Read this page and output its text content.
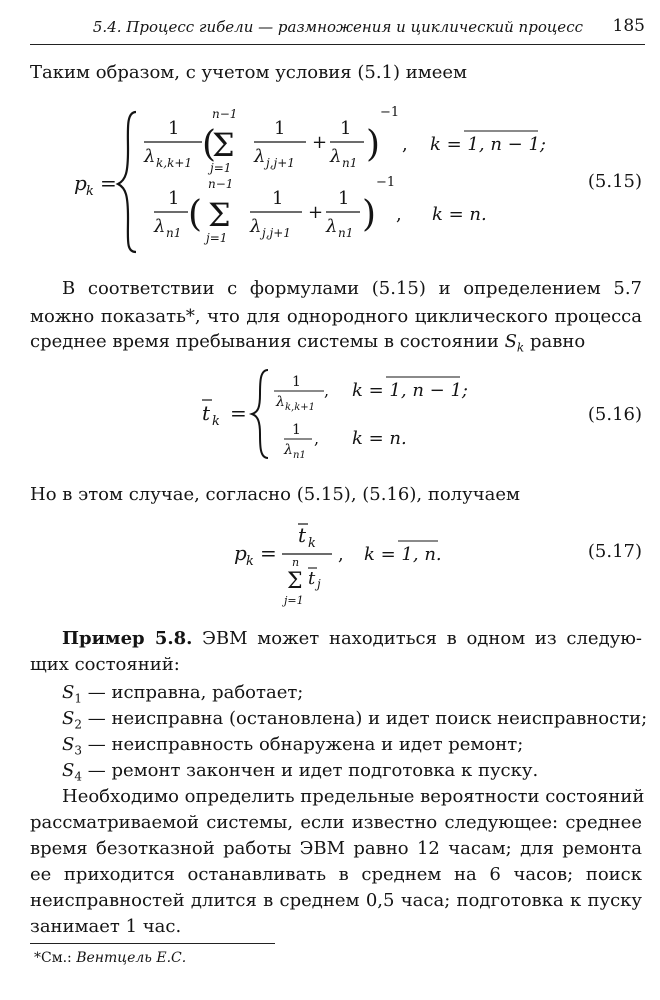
5.4. Процесс гибели — размножения и циклический процесс 185
Таким образом, с учетом условия (5.1) имеем
p k =
1
λ k,k+1 (
n−1
Σ
j=1
1
λ j,j+1
+
1
λ n1 )
−1
, k = 1, n − 1;
1
λ n1 (
n−1
Σ
j=1
1
λ j,j+1
+
1
λ n1 )
−1
, k = n.
(5.15)
В соответствии с формулами (5.15) и определением 5.7
можно показать*, что для однородного циклического процесса
среднее время пребывания системы в состоянии $S_k$ равно
t k =
1
λ k,k+1
, k = 1, n − 1;
1
λ n1
, k = n.
(5.16)
Но в этом случае, согласно (5.15), (5.16), получаем
p k =
t k
n
Σ
j=1
t j
, k = 1, n.	(5.17)
Пример 5.8. ЭВМ может находиться в одном из следую-
щих состояний:
$S_1$ — исправна, работает;
$S_2$ — неисправна (остановлена) и идет поиск неисправности;
$S_3$ — неисправность обнаружена и идет ремонт;
$S_4$ — ремонт закончен и идет подготовка к пуску.
Необходимо определить предельные вероятности состояний
рассматриваемой системы, если известно следующее: среднее
время безотказной работы ЭВМ равно 12 часам; для ремонта
ее приходится останавливать в среднем на 6 часов; поиск
неисправностей длится в среднем 0,5 часа; подготовка к пуску
занимает 1 час.
*См.: Вентцель Е.С.
